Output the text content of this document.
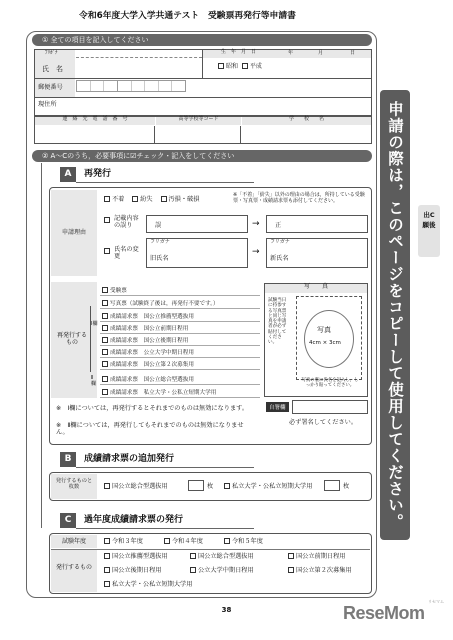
令和6年度大学入学共通テスト　受験票再発行等申請書
① 全ての項目を記入してください
ﾌﾘｶﾞﾅ
氏　名
生　年　月　日
昭和 平成
年	月	日
郵便番号
現住所
連　絡　先　電　話　番　号	高等学校等コード	学　　校　　名
② A〜Cのうち，必要事項に☑チェック・記入をしてください
A	再発行
申請理由
不着	紛失	汚損・破損
※「不着」「紛失」以外の理由の場合は，所持している受験票・写真票・成績請求票も添付してください。
記載内容の誤り	誤	→ 正
氏名の変更
フリガナ
旧氏名
→
フリガナ
新氏名
再発行するもの
Ⅰ欄
Ⅱ欄
受験票
写真票（試験終了後は，再発行不要です。）
成績請求票　国公立推薦型選抜用
成績請求票　国公立前期日程用
成績請求票　国公立後期日程用
成績請求票　公立大学中期日程用
成績請求票　国公立第２次募集用
成績請求票　国公立総合型選抜用
成績請求票　私立大学・公私立短期大学用
写　　真
試験当日に持参する写真票と同じ写真を申請者が必ず貼付してください。
写真
4cm × 3cm
写真の裏に氏名を記入し，しっかり貼ってください。
自署欄
必ず署名してください。
※　Ⅰ欄については，再発行するとそれまでのものは無効になります。
※　Ⅱ欄については，再発行してもそれまでのものは無効になりません。
B	成績請求票の追加発行
発行するものと枚数	国公立総合型選抜用	枚	私立大学・公私立短期大学用	枚
C	過年度成績請求票の発行
試験年度
発行するもの
令和３年度	令和４年度	令和５年度
国公立推薦型選抜用	国公立総合型選抜用	国公立前期日程用
国公立後期日程用	公立大学中期日程用	国公立第２次募集用
私立大学・公私立短期大学用
申請の際は，このページをコピーして使用してください。	出C願後
38	ReseMom
リセマム
